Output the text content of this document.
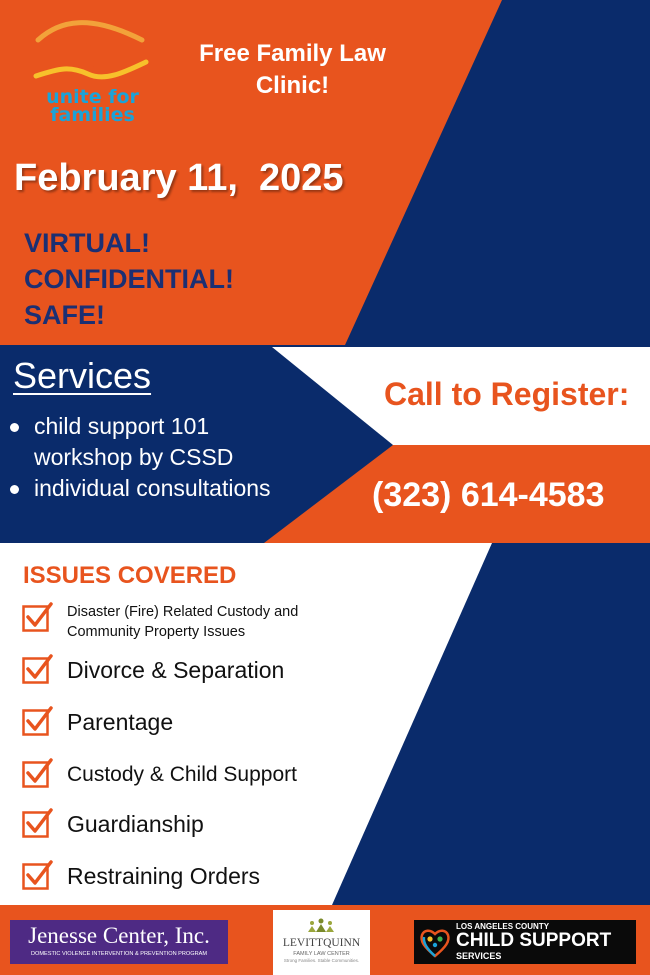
unite for
families
Free Family Law
Clinic!
February 11,  2025
VIRTUAL!
CONFIDENTIAL!
SAFE!
Services
child support 101 workshop by CSSD
individual consultations
Call to Register:
(323) 614-4583
ISSUES COVERED
Disaster (Fire) Related Custody and Community Property Issues
Divorce & Separation
Parentage
Custody & Child Support
Guardianship
Restraining Orders
Jenesse Center, Inc.
DOMESTIC VIOLENCE INTERVENTION & PREVENTION PROGRAM
LEVITTQUINN
FAMILY LAW CENTER
Strong Families. Stable Communities.
LOS ANGELES COUNTY
CHILD SUPPORT
SERVICES
